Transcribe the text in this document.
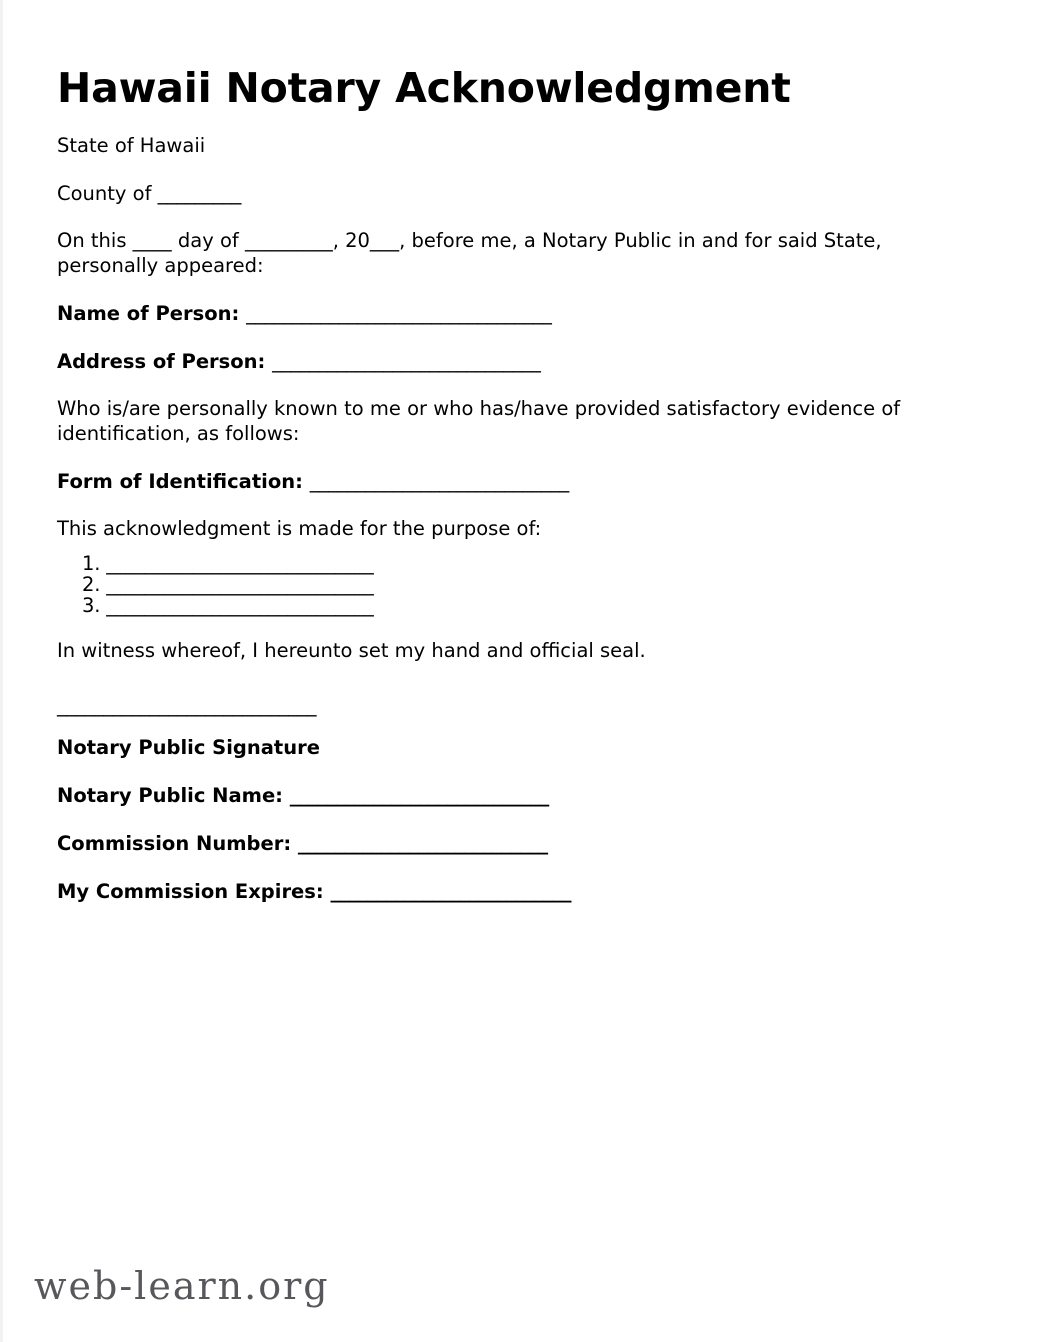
Hawaii Notary Acknowledgment

State of Hawaii

County of _________

On this ____ day of _________, 20___, before me, a Notary Public in and for said State, personally appeared:

Name of Person: _________________________________

Address of Person: _____________________________

Who is/are personally known to me or who has/have provided satisfactory evidence of identification, as follows:

Form of Identification: ____________________________

This acknowledgment is made for the purpose of:

1. ____________________________
2. ____________________________
3. ____________________________

In witness whereof, I hereunto set my hand and official seal.

____________________________

Notary Public Signature

Notary Public Name: ____________________________

Commission Number: ___________________________

My Commission Expires: __________________________

web-learn.org
